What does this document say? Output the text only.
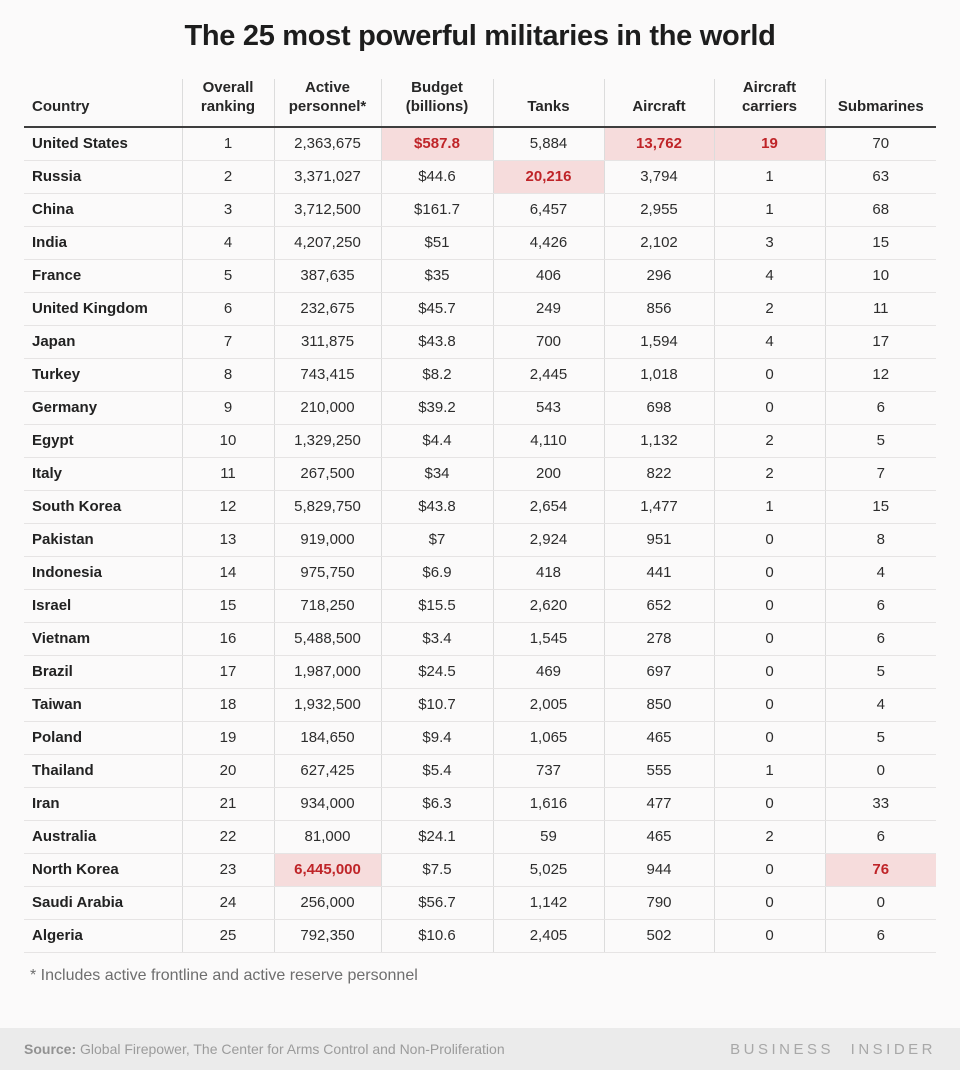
The 25 most powerful militaries in the world
Country	Overall ranking	Active personnel*	Budget (billions)	Tanks	Aircraft	Aircraft carriers	Submarines
United States	1	2,363,675	$587.8	5,884	13,762	19	70
Russia	2	3,371,027	$44.6	20,216	3,794	1	63
China	3	3,712,500	$161.7	6,457	2,955	1	68
India	4	4,207,250	$51	4,426	2,102	3	15
France	5	387,635	$35	406	296	4	10
United Kingdom	6	232,675	$45.7	249	856	2	11
Japan	7	311,875	$43.8	700	1,594	4	17
Turkey	8	743,415	$8.2	2,445	1,018	0	12
Germany	9	210,000	$39.2	543	698	0	6
Egypt	10	1,329,250	$4.4	4,110	1,132	2	5
Italy	11	267,500	$34	200	822	2	7
South Korea	12	5,829,750	$43.8	2,654	1,477	1	15
Pakistan	13	919,000	$7	2,924	951	0	8
Indonesia	14	975,750	$6.9	418	441	0	4
Israel	15	718,250	$15.5	2,620	652	0	6
Vietnam	16	5,488,500	$3.4	1,545	278	0	6
Brazil	17	1,987,000	$24.5	469	697	0	5
Taiwan	18	1,932,500	$10.7	2,005	850	0	4
Poland	19	184,650	$9.4	1,065	465	0	5
Thailand	20	627,425	$5.4	737	555	1	0
Iran	21	934,000	$6.3	1,616	477	0	33
Australia	22	81,000	$24.1	59	465	2	6
North Korea	23	6,445,000	$7.5	5,025	944	0	76
Saudi Arabia	24	256,000	$56.7	1,142	790	0	0
Algeria	25	792,350	$10.6	2,405	502	0	6
* Includes active frontline and active reserve personnel
Source: Global Firepower, The Center for Arms Control and Non-Proliferation	BUSINESS INSIDER
